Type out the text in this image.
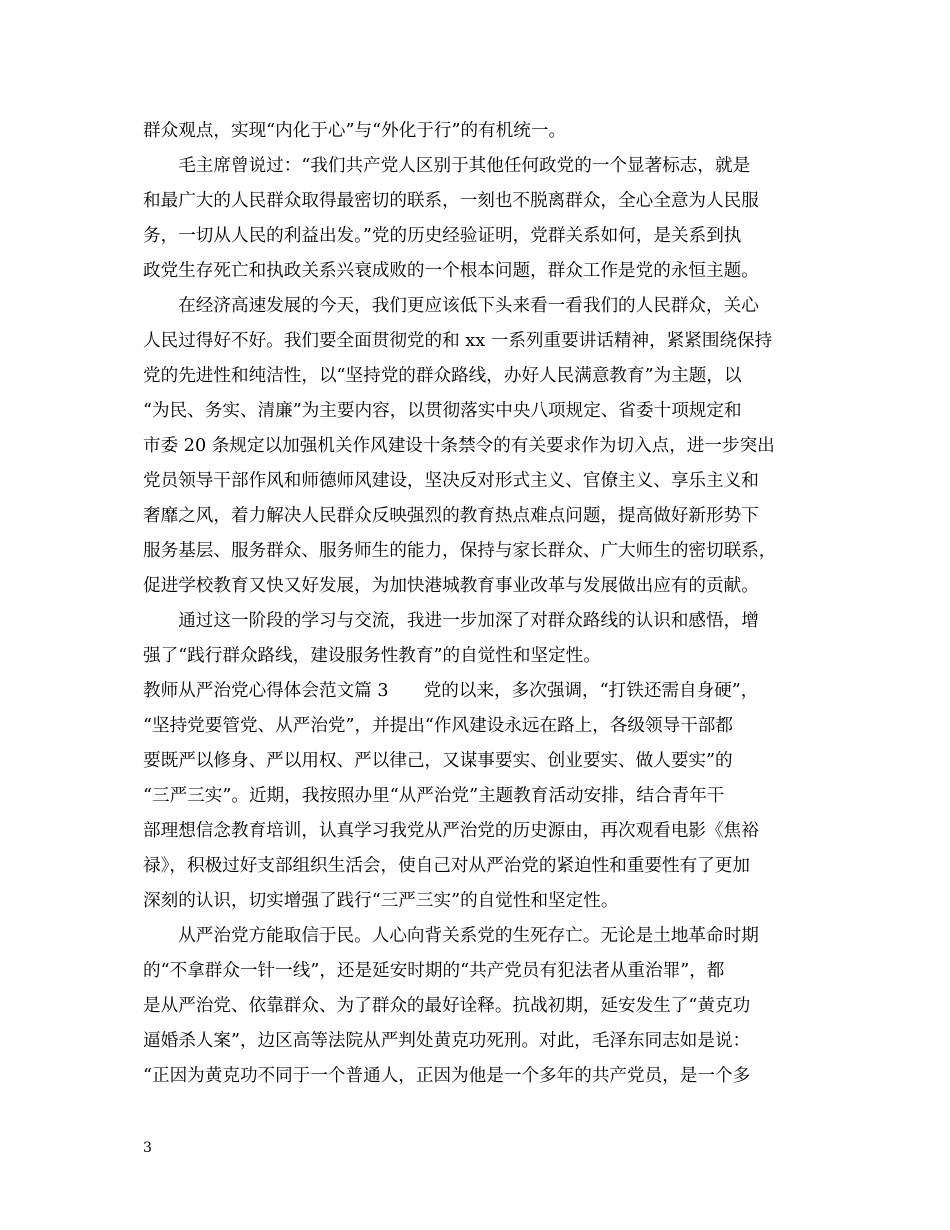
群众观点，实现“内化于心”与“外化于行”的有机统一。
　　毛主席曾说过：“我们共产党人区别于其他任何政党的一个显著标志，就是
和最广大的人民群众取得最密切的联系，一刻也不脱离群众，全心全意为人民服
务，一切从人民的利益出发。”党的历史经验证明，党群关系如何，是关系到执
政党生存死亡和执政关系兴衰成败的一个根本问题，群众工作是党的永恒主题。
　　在经济高速发展的今天，我们更应该低下头来看一看我们的人民群众，关心
人民过得好不好。我们要全面贯彻党的和 xx 一系列重要讲话精神，紧紧围绕保持
党的先进性和纯洁性，以“坚持党的群众路线，办好人民满意教育”为主题，以
“为民、务实、清廉”为主要内容，以贯彻落实中央八项规定、省委十项规定和
市委 20 条规定以加强机关作风建设十条禁令的有关要求作为切入点，进一步突出
党员领导干部作风和师德师风建设，坚决反对形式主义、官僚主义、享乐主义和
奢靡之风，着力解决人民群众反映强烈的教育热点难点问题，提高做好新形势下
服务基层、服务群众、服务师生的能力，保持与家长群众、广大师生的密切联系，
促进学校教育又快又好发展，为加快港城教育事业改革与发展做出应有的贡献。
　　通过这一阶段的学习与交流，我进一步加深了对群众路线的认识和感悟，增
强了“践行群众路线，建设服务性教育”的自觉性和坚定性。
教师从严治党心得体会范文篇 3　　党的以来，多次强调，“打铁还需自身硬”，
“坚持党要管党、从严治党”，并提出“作风建设永远在路上，各级领导干部都
要既严以修身、严以用权、严以律己，又谋事要实、创业要实、做人要实”的
“三严三实”。近期，我按照办里“从严治党”主题教育活动安排，结合青年干
部理想信念教育培训，认真学习我党从严治党的历史源由，再次观看电影《焦裕
禄》，积极过好支部组织生活会，使自己对从严治党的紧迫性和重要性有了更加
深刻的认识，切实增强了践行“三严三实”的自觉性和坚定性。
　　从严治党方能取信于民。人心向背关系党的生死存亡。无论是土地革命时期
的“不拿群众一针一线”，还是延安时期的“共产党员有犯法者从重治罪”，都
是从严治党、依靠群众、为了群众的最好诠释。抗战初期，延安发生了“黄克功
逼婚杀人案”，边区高等法院从严判处黄克功死刑。对此，毛泽东同志如是说：
“正因为黄克功不同于一个普通人，正因为他是一个多年的共产党员，是一个多
3
